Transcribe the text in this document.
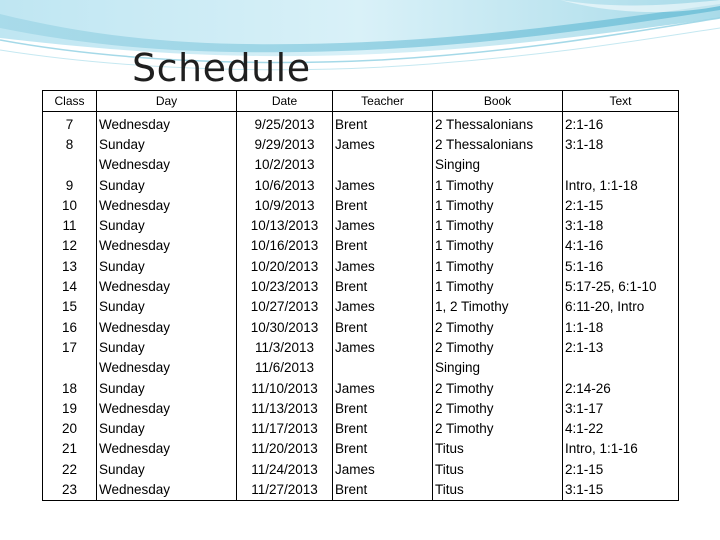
Schedule
Class	Day	Date	Teacher	Book	Text
7	Wednesday	9/25/2013	Brent	2 Thessalonians	2:1-16
8	Sunday	9/29/2013	James	2 Thessalonians	3:1-18
	Wednesday	10/2/2013		Singing	
9	Sunday	10/6/2013	James	1 Timothy	Intro, 1:1-18
10	Wednesday	10/9/2013	Brent	1 Timothy	2:1-15
11	Sunday	10/13/2013	James	1 Timothy	3:1-18
12	Wednesday	10/16/2013	Brent	1 Timothy	4:1-16
13	Sunday	10/20/2013	James	1 Timothy	5:1-16
14	Wednesday	10/23/2013	Brent	1 Timothy	5:17-25, 6:1-10
15	Sunday	10/27/2013	James	1, 2 Timothy	6:11-20, Intro
16	Wednesday	10/30/2013	Brent	2 Timothy	1:1-18
17	Sunday	11/3/2013	James	2 Timothy	2:1-13
	Wednesday	11/6/2013		Singing	
18	Sunday	11/10/2013	James	2 Timothy	2:14-26
19	Wednesday	11/13/2013	Brent	2 Timothy	3:1-17
20	Sunday	11/17/2013	Brent	2 Timothy	4:1-22
21	Wednesday	11/20/2013	Brent	Titus	Intro, 1:1-16
22	Sunday	11/24/2013	James	Titus	2:1-15
23	Wednesday	11/27/2013	Brent	Titus	3:1-15
